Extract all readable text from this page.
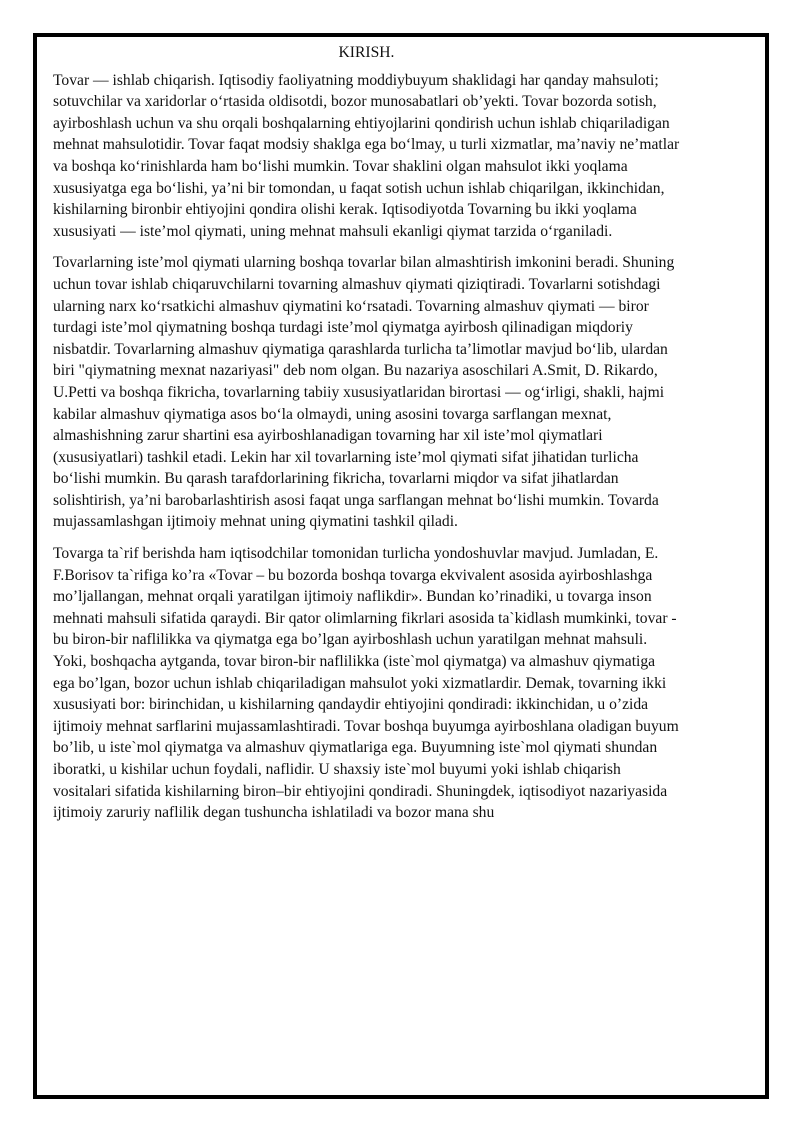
KIRISH.

Tovar — ishlab chiqarish. Iqtisodiy faoliyatning moddiybuyum shaklidagi har qanday mahsuloti; sotuvchilar va xaridorlar oʻrtasida oldisotdi, bozor munosabatlari obʼyekti. Tovar bozorda sotish, ayirboshlash uchun va shu orqali boshqalarning ehtiyojlarini qondirish uchun ishlab chiqariladigan mehnat mahsulotidir. Tovar faqat modsiy shaklga ega boʻlmay, u turli xizmatlar, maʼnaviy neʼmatlar va boshqa koʻrinishlarda ham boʻlishi mumkin. Tovar shaklini olgan mahsulot ikki yoqlama xususiyatga ega boʻlishi, yaʼni bir tomondan, u faqat sotish uchun ishlab chiqarilgan, ikkinchidan, kishilarning bironbir ehtiyojini qondira olishi kerak. Iqtisodiyotda Tovarning bu ikki yoqlama xususiyati — isteʼmol qiymati, uning mehnat mahsuli ekanligi qiymat tarzida oʻrganiladi.

Tovarlarning isteʼmol qiymati ularning boshqa tovarlar bilan almashtirish imkonini beradi. Shuning uchun tovar ishlab chiqaruvchilarni tovarning almashuv qiymati qiziqtiradi. Tovarlarni sotishdagi ularning narx koʻrsatkichi almashuv qiymatini koʻrsatadi. Tovarning almashuv qiymati — biror turdagi isteʼmol qiymatning boshqa turdagi isteʼmol qiymatga ayirbosh qilinadigan miqdoriy nisbatdir. Tovarlarning almashuv qiymatiga qarashlarda turlicha taʼlimotlar mavjud boʻlib, ulardan biri "qiymatning mexnat nazariyasi" deb nom olgan. Bu nazariya asoschilari A.Smit, D. Rikardo, U.Petti va boshqa fikricha, tovarlarning tabiiy xususiyatlaridan birortasi — ogʻirligi, shakli, hajmi kabilar almashuv qiymatiga asos boʻla olmaydi, uning asosini tovarga sarflangan mexnat, almashishning zarur shartini esa ayirboshlanadigan tovarning har xil isteʼmol qiymatlari (xususiyatlari) tashkil etadi. Lekin har xil tovarlarning isteʼmol qiymati sifat jihatidan turlicha boʻlishi mumkin. Bu qarash tarafdorlarining fikricha, tovarlarni miqdor va sifat jihatlardan solishtirish, yaʼni barobarlashtirish asosi faqat unga sarflangan mehnat boʻlishi mumkin. Tovarda mujassamlashgan ijtimoiy mehnat uning qiymatini tashkil qiladi.

Tovarga ta`rif berishda ham iqtisodchilar tomonidan turlicha yondoshuvlar mavjud. Jumladan, E. F.Borisov ta`rifiga ko’ra «Tovar – bu bozorda boshqa tovarga ekvivalent asosida ayirboshlashga mo’ljallangan, mehnat orqali yaratilgan ijtimoiy naflikdir». Bundan ko’rinadiki, u tovarga inson mehnati mahsuli sifatida qaraydi. Bir qator olimlarning fikrlari asosida ta`kidlash mumkinki, tovar - bu biron-bir naflilikka va qiymatga ega bo’lgan ayirboshlash uchun yaratilgan mehnat mahsuli. Yoki, boshqacha aytganda, tovar biron-bir naflilikka (iste`mol qiymatga) va almashuv qiymatiga ega bo’lgan, bozor uchun ishlab chiqariladigan mahsulot yoki xizmatlardir. Demak, tovarning ikki xususiyati bor: birinchidan, u kishilarning qandaydir ehtiyojini qondiradi: ikkinchidan, u o’zida ijtimoiy mehnat sarflarini mujassamlashtiradi. Tovar boshqa buyumga ayirboshlana oladigan buyum bo’lib, u iste`mol qiymatga va almashuv qiymatlariga ega. Buyumning iste`mol qiymati shundan iboratki, u kishilar uchun foydali, naflidir. U shaxsiy iste`mol buyumi yoki ishlab chiqarish vositalari sifatida kishilarning biron–bir ehtiyojini qondiradi. Shuningdek, iqtisodiyot nazariyasida ijtimoiy zaruriy naflilik degan tushuncha ishlatiladi va bozor mana shu
